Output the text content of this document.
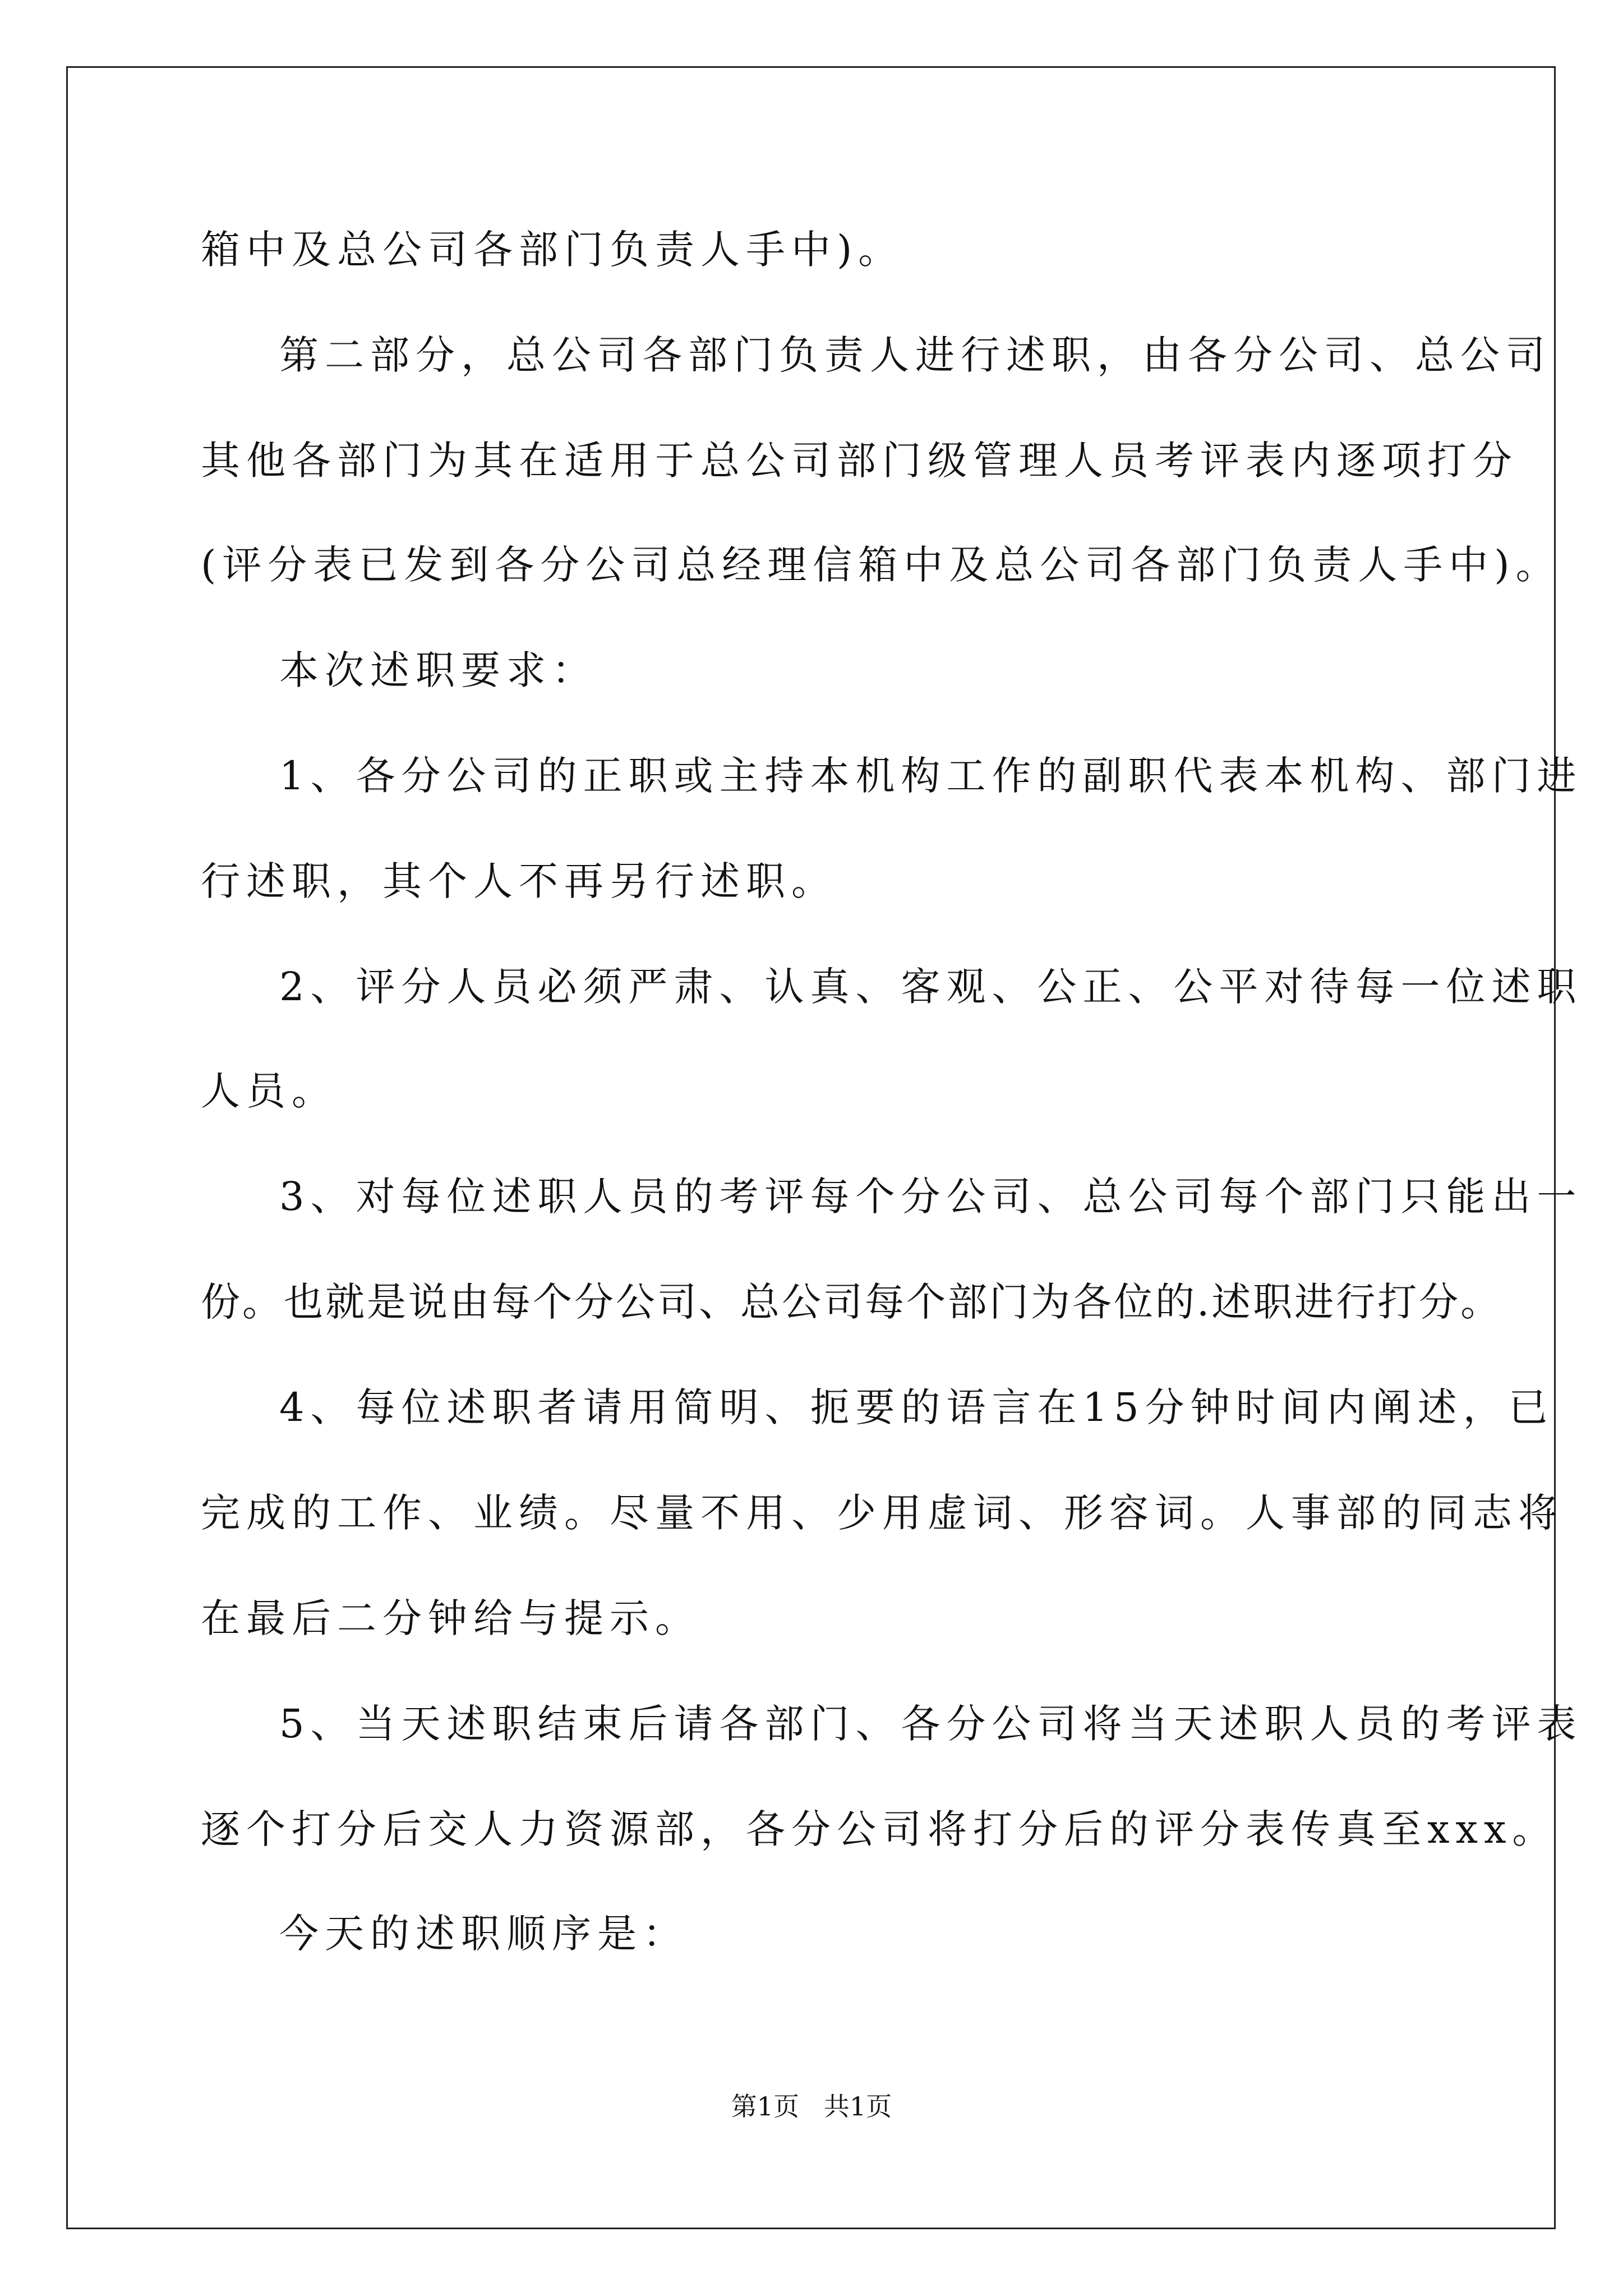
箱中及总公司各部门负责人手中)。
第二部分，总公司各部门负责人进行述职，由各分公司、总公司
其他各部门为其在适用于总公司部门级管理人员考评表内逐项打分
(评分表已发到各分公司总经理信箱中及总公司各部门负责人手中)。
本次述职要求：
1、各分公司的正职或主持本机构工作的副职代表本机构、部门进
行述职，其个人不再另行述职。
2、评分人员必须严肃、认真、客观、公正、公平对待每一位述职
人员。
3、对每位述职人员的考评每个分公司、总公司每个部门只能出一
份。也就是说由每个分公司、总公司每个部门为各位的.述职进行打分。
4、每位述职者请用简明、扼要的语言在15分钟时间内阐述，已
完成的工作、业绩。尽量不用、少用虚词、形容词。人事部的同志将
在最后二分钟给与提示。
5、当天述职结束后请各部门、各分公司将当天述职人员的考评表
逐个打分后交人力资源部，各分公司将打分后的评分表传真至xxx。
今天的述职顺序是：
第1页   共1页
